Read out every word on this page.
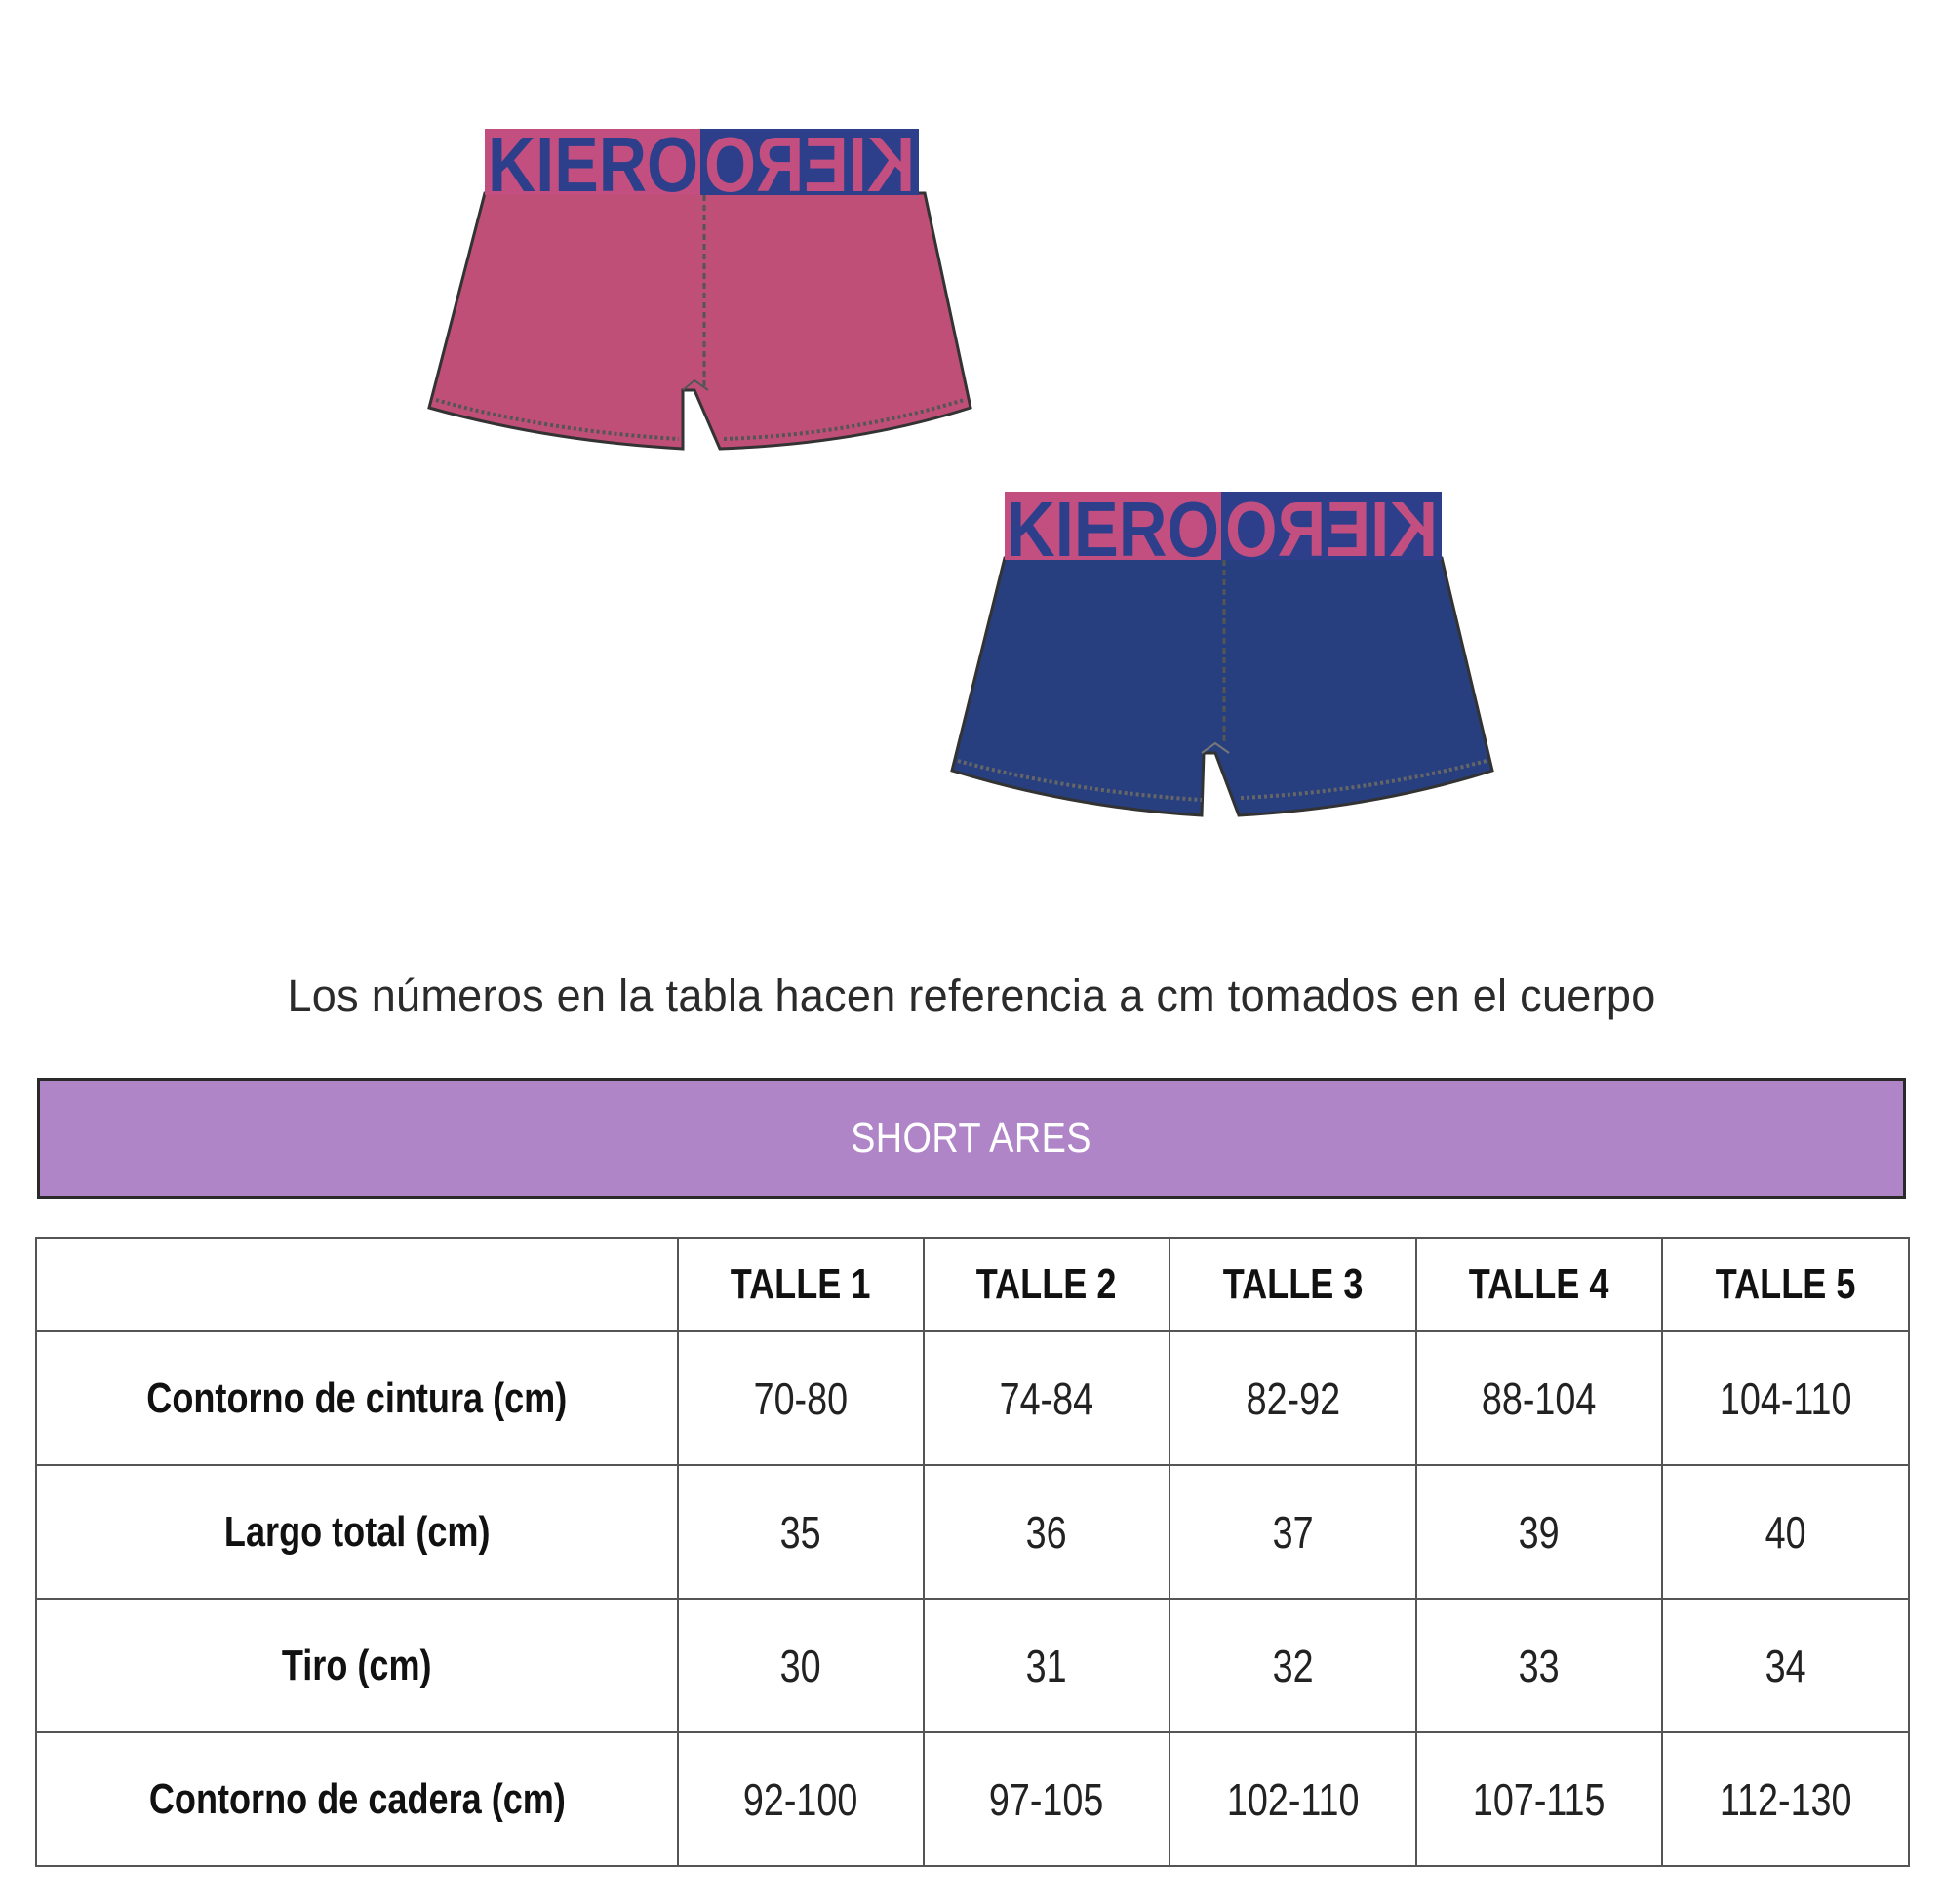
KIERO KIERO
KIERO KIERO
Los números en la tabla hacen referencia a cm tomados en el cuerpo
SHORT ARES
	TALLE 1	TALLE 2	TALLE 3	TALLE 4	TALLE 5
Contorno de cintura (cm)	70-80	74-84	82-92	88-104	104-110
Largo total (cm)	35	36	37	39	40
Tiro (cm)	30	31	32	33	34
Contorno de cadera (cm)	92-100	97-105	102-110	107-115	112-130
